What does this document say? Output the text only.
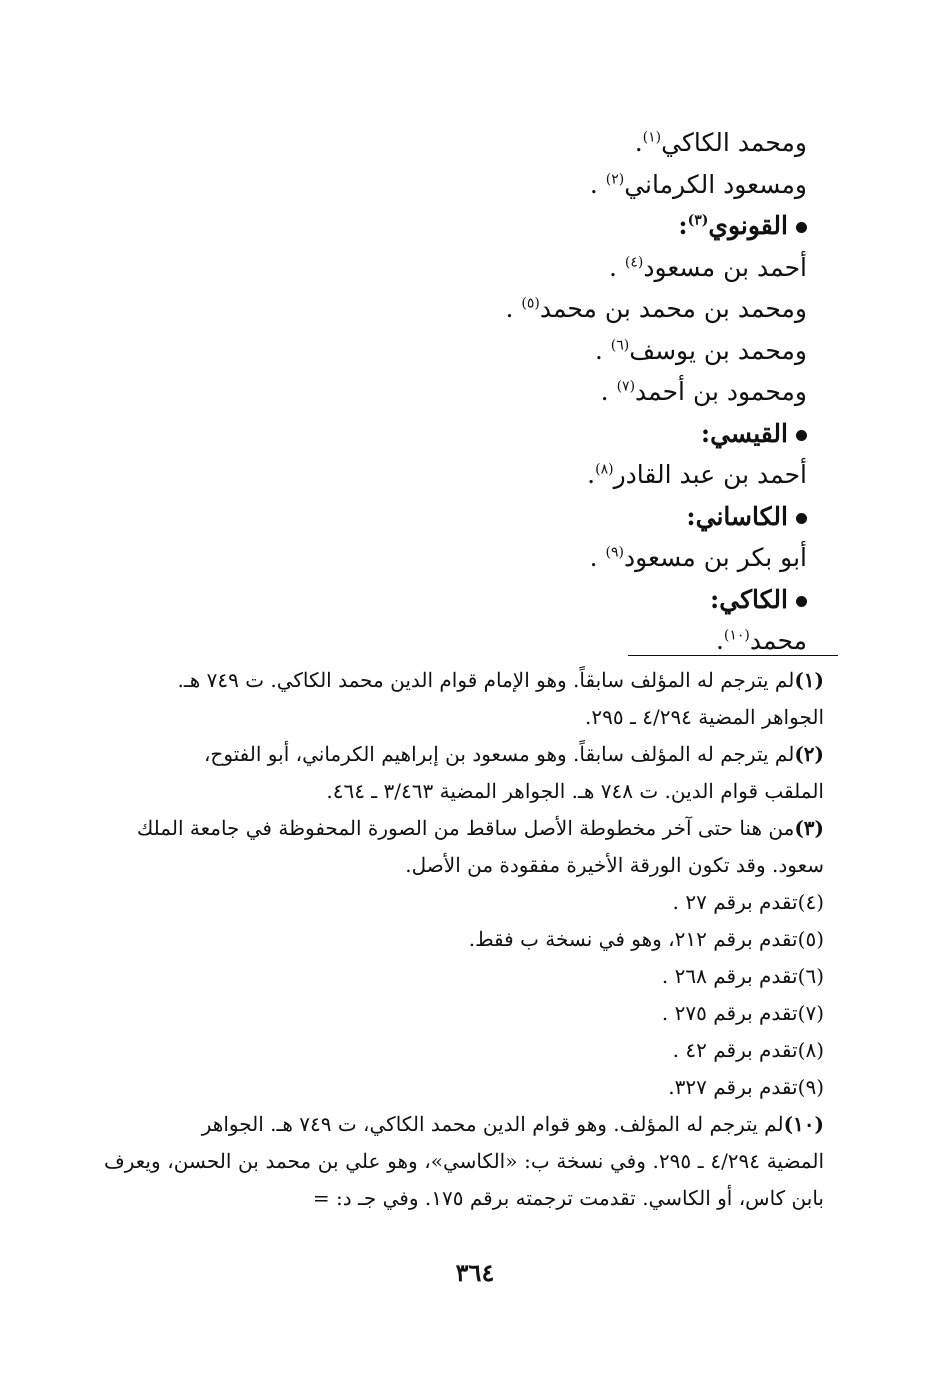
ومحمد الكاكي$^{(١)}$.
ومسعود الكرماني$^{(٢)}$ .
القونوي$^{(٣)}$:
أحمد بن مسعود$^{(٤)}$ .
ومحمد بن محمد بن محمد$^{(٥)}$ .
ومحمد بن يوسف$^{(٦)}$ .
ومحمود بن أحمد$^{(٧)}$ .
القيسي:
أحمد بن عبد القادر$^{(٨)}$.
الكاساني:
أبو بكر بن مسعود$^{(٩)}$ .
الكاكي:
محمد$^{(١٠)}$.
(١)لم يترجم له المؤلف سابقاً. وهو الإمام قوام الدين محمد الكاكي. ت ٧٤٩ هـ.
الجواهر المضية ٤/٢٩٤ ـ ٢٩٥.
(٢)لم يترجم له المؤلف سابقاً. وهو مسعود بن إبراهيم الكرماني، أبو الفتوح،
الملقب قوام الدين. ت ٧٤٨ هـ. الجواهر المضية ٣/٤٦٣ ـ ٤٦٤.
(٣)من هنا حتى آخر مخطوطة الأصل ساقط من الصورة المحفوظة في جامعة الملك
سعود. وقد تكون الورقة الأخيرة مفقودة من الأصل.
(٤)تقدم برقم ٢٧ .
(٥)تقدم برقم ٢١٢، وهو في نسخة ب فقط.
(٦)تقدم برقم ٢٦٨ .
(٧)تقدم برقم ٢٧٥ .
(٨)تقدم برقم ٤٢ .
(٩)تقدم برقم ٣٢٧.
(١٠)لم يترجم له المؤلف. وهو قوام الدين محمد الكاكي، ت ٧٤٩ هـ. الجواهر
المضية ٤/٢٩٤ ـ ٢٩٥. وفي نسخة ب: «الكاسي»، وهو علي بن محمد بن الحسن، ويعرف بابن كاس، أو الكاسي. تقدمت ترجمته برقم ١٧٥. وفي جـ د: =
٣٦٤
